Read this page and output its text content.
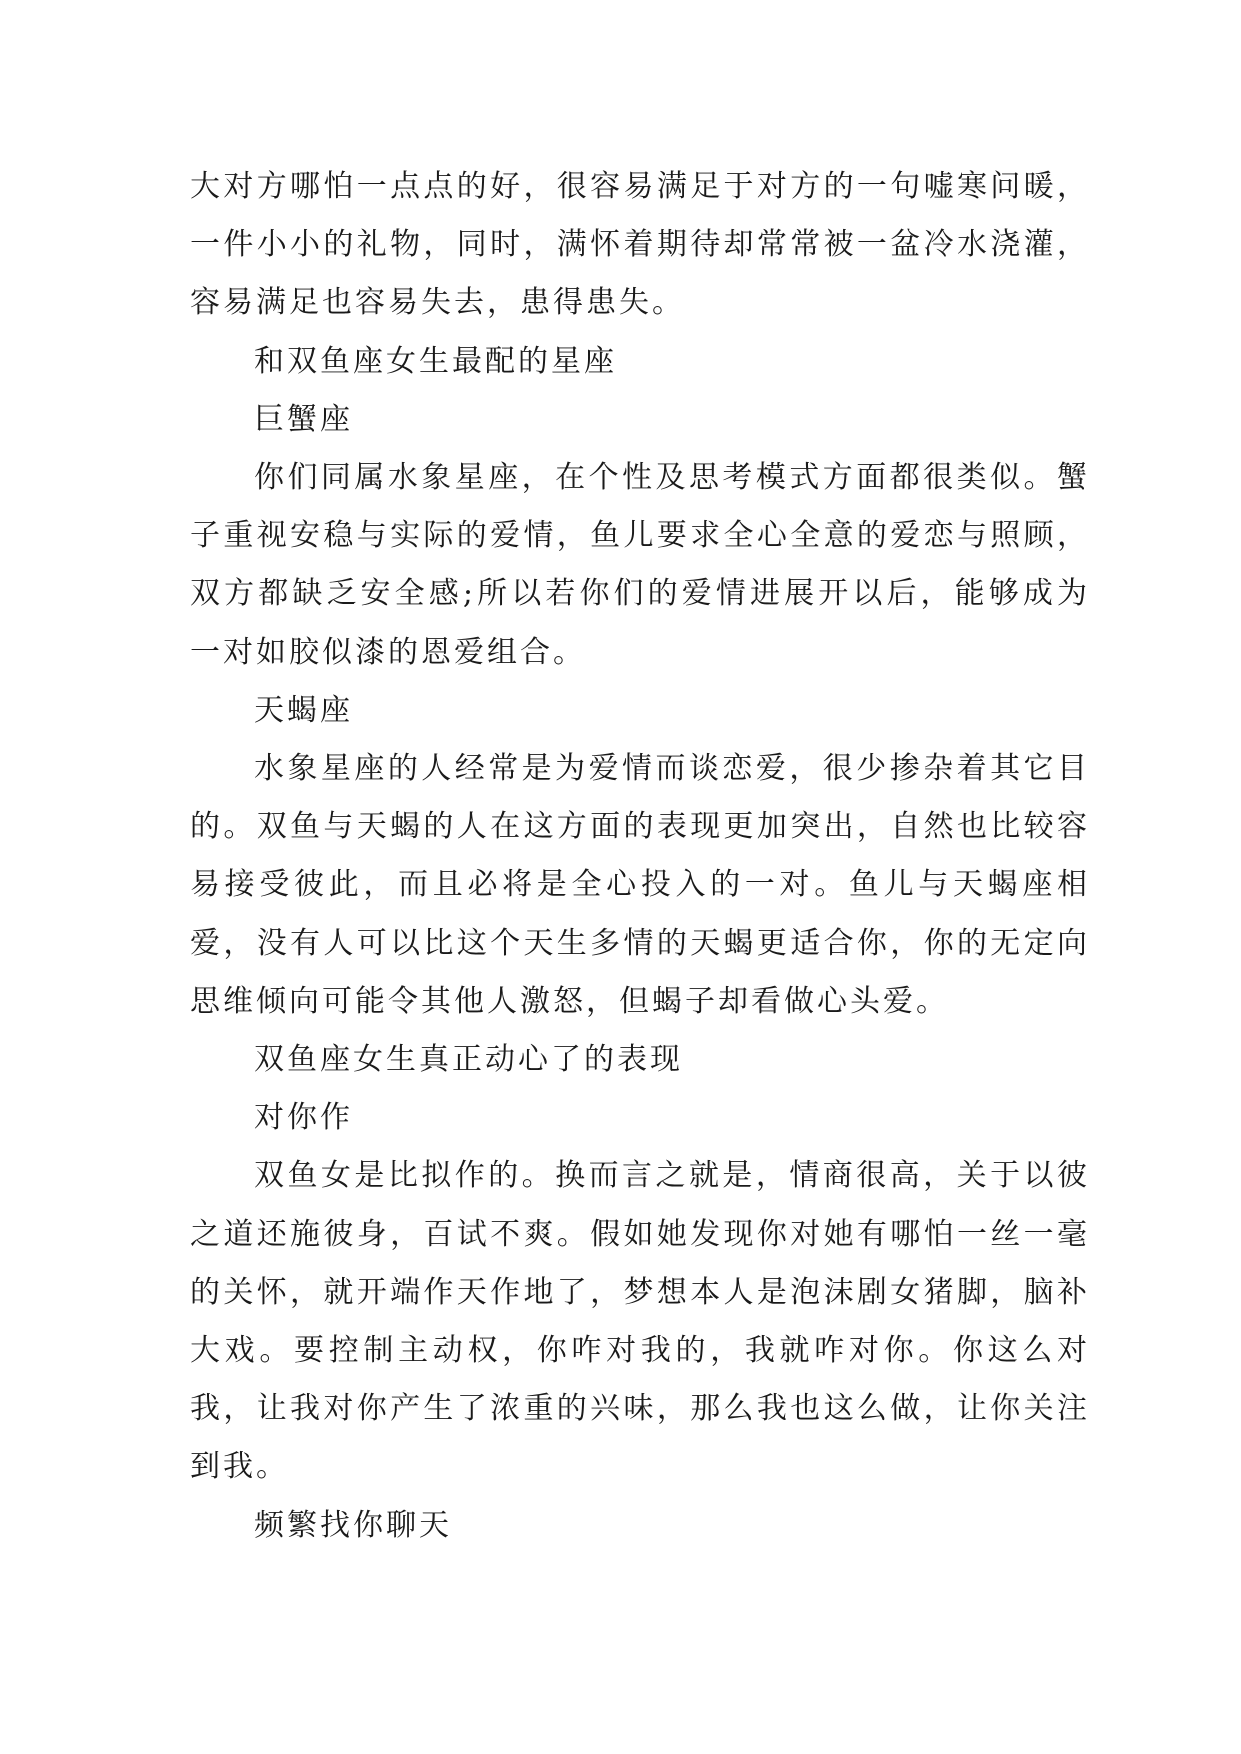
大对方哪怕一点点的好，很容易满足于对方的一句嘘寒问暖，一件小小的礼物，同时，满怀着期待却常常被一盆冷水浇灌，容易满足也容易失去，患得患失。

和双鱼座女生最配的星座

巨蟹座

你们同属水象星座，在个性及思考模式方面都很类似。蟹子重视安稳与实际的爱情，鱼儿要求全心全意的爱恋与照顾，双方都缺乏安全感;所以若你们的爱情进展开以后，能够成为一对如胶似漆的恩爱组合。

天蝎座

水象星座的人经常是为爱情而谈恋爱，很少掺杂着其它目的。双鱼与天蝎的人在这方面的表现更加突出，自然也比较容易接受彼此，而且必将是全心投入的一对。鱼儿与天蝎座相爱，没有人可以比这个天生多情的天蝎更适合你，你的无定向思维倾向可能令其他人激怒，但蝎子却看做心头爱。

双鱼座女生真正动心了的表现

对你作

双鱼女是比拟作的。换而言之就是，情商很高，关于以彼之道还施彼身，百试不爽。假如她发现你对她有哪怕一丝一毫的关怀，就开端作天作地了，梦想本人是泡沫剧女猪脚，脑补大戏。要控制主动权，你咋对我的，我就咋对你。你这么对我，让我对你产生了浓重的兴味，那么我也这么做，让你关注到我。

频繁找你聊天
